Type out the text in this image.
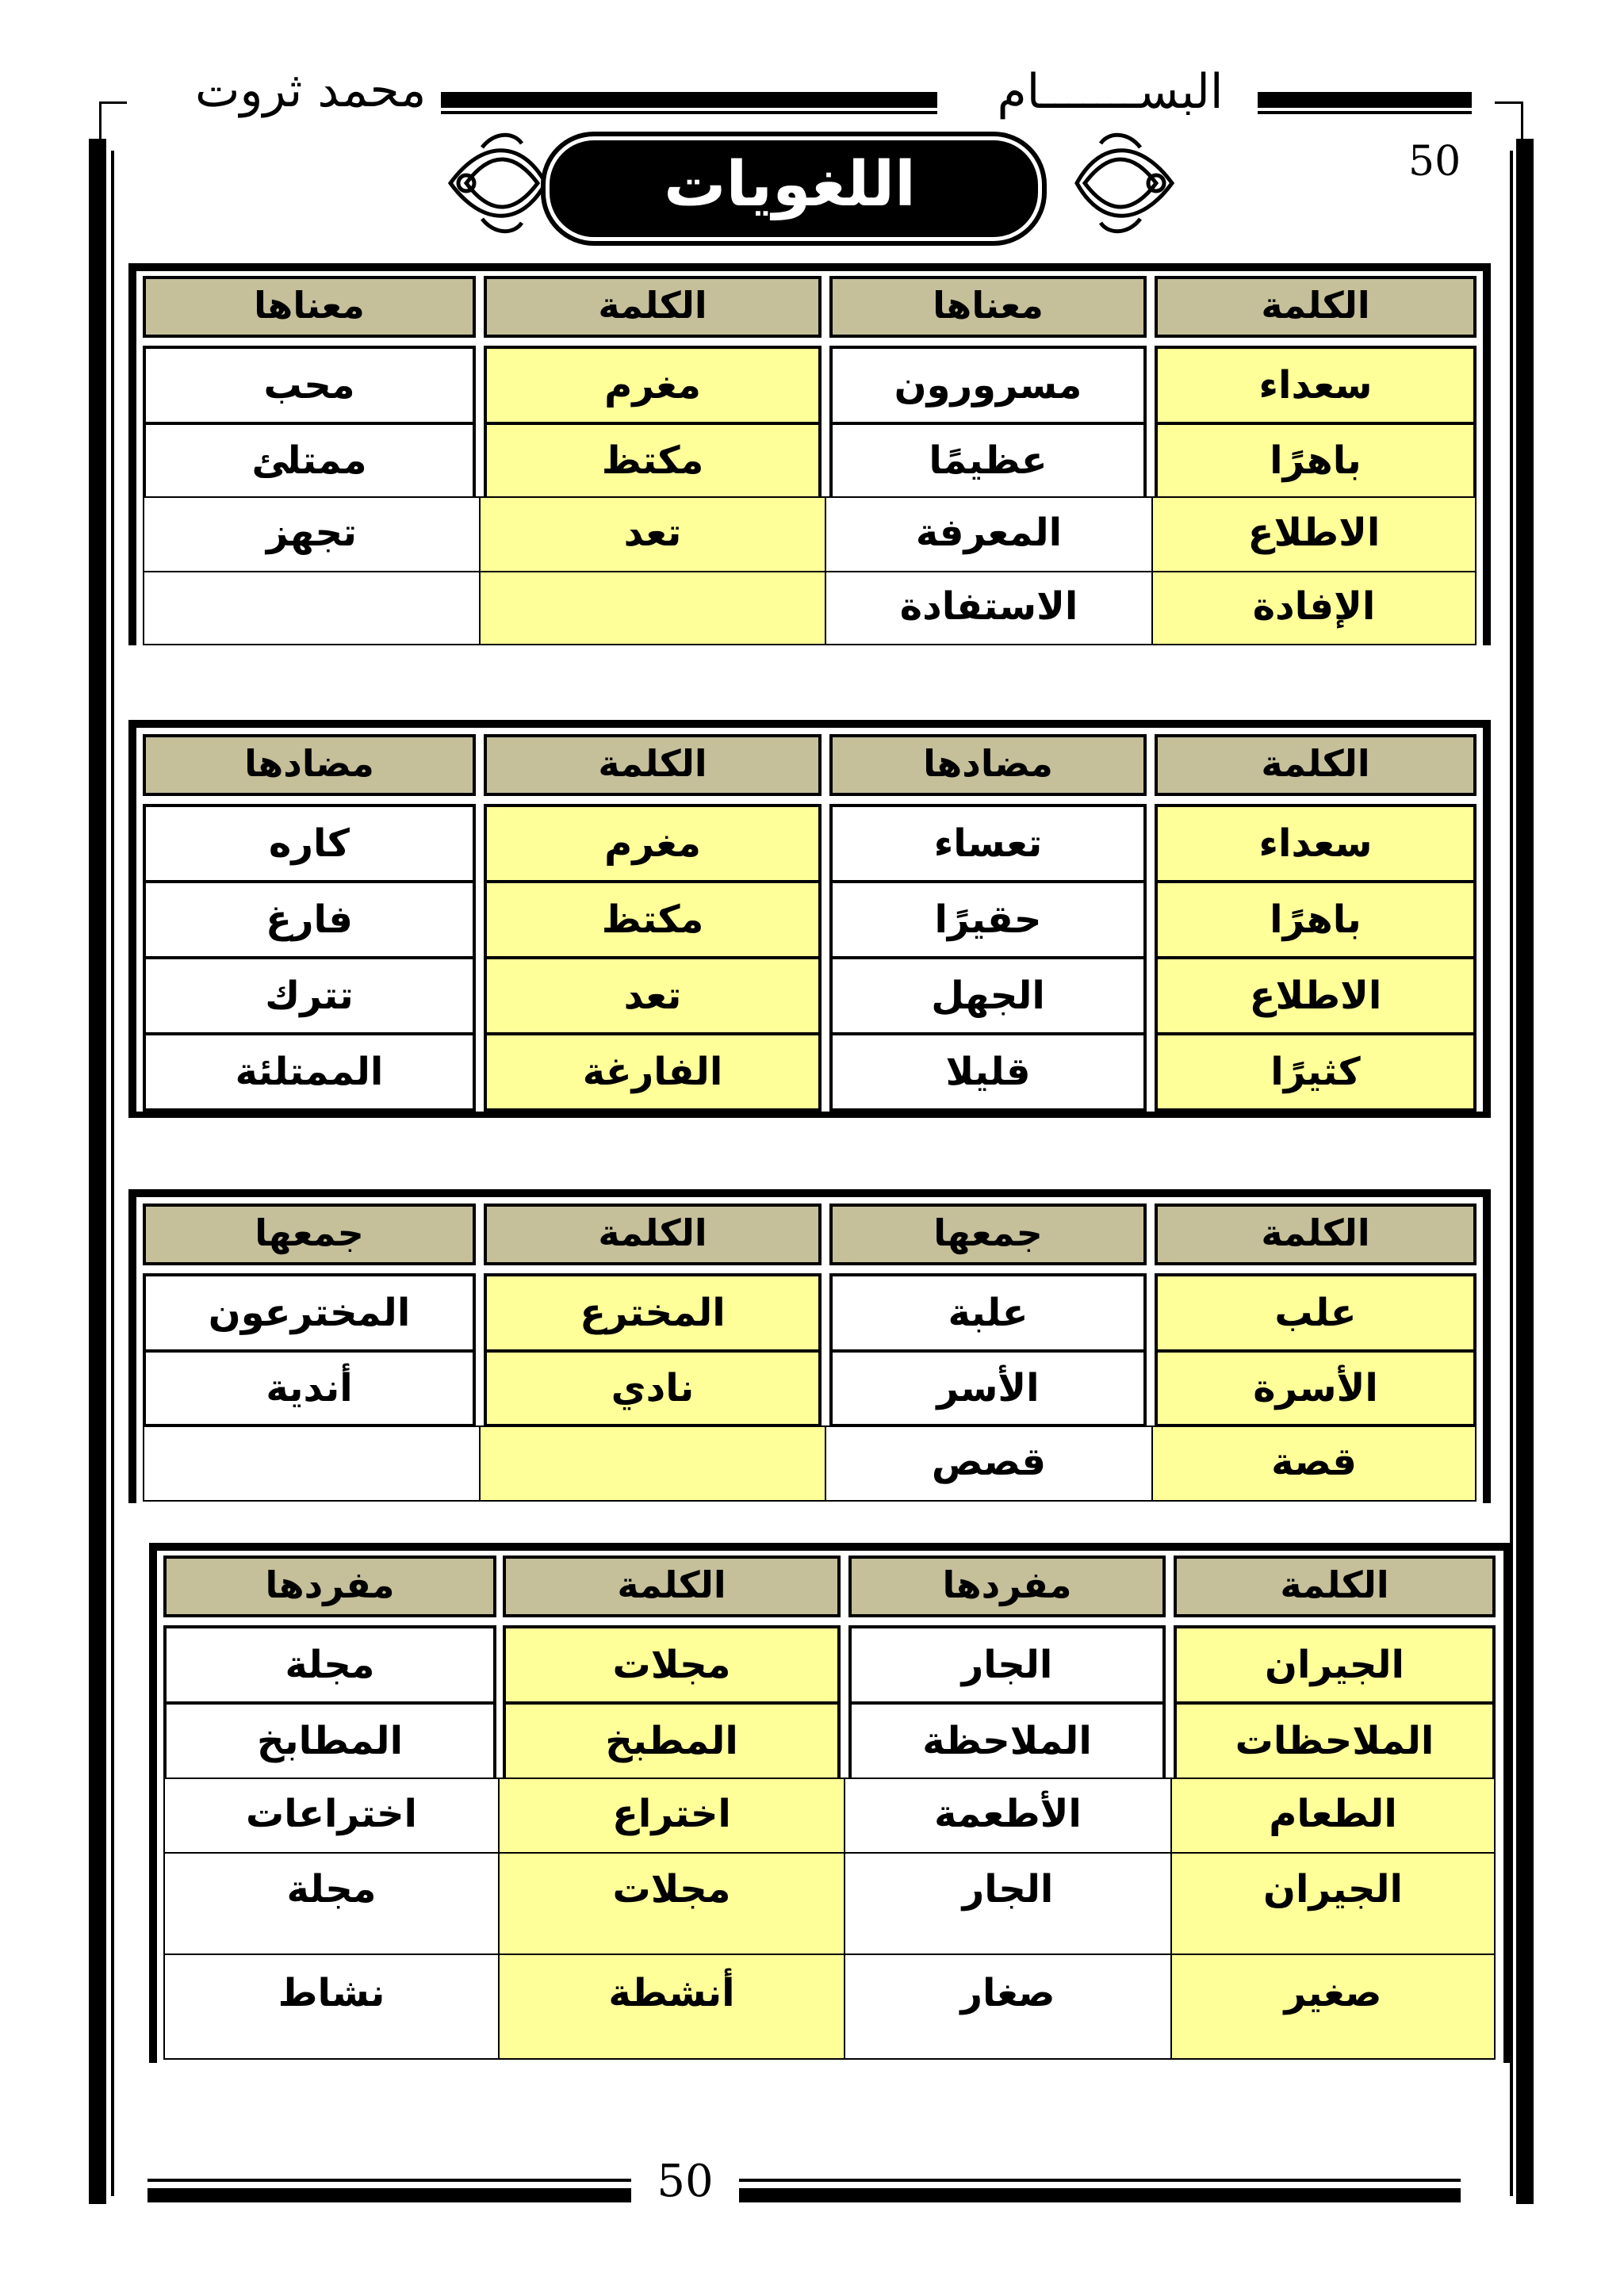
محمد ثروت	البســـــــام
50
اللغويات
الكلمة
معناها
الكلمة
معناها
سعداء
مسرورون
مغرم
محب
باهرًا
عظيمًا
مكتظ
ممتلئ
الاطلاع
المعرفة
تعد
تجهز
الإفادة
الاستفادة
الكلمة
مضادها
الكلمة
مضادها
سعداء
تعساء
مغرم
كاره
باهرًا
حقيرًا
مكتظ
فارغ
الاطلاع
الجهل
تعد
تترك
كثيرًا
قليلا
الفارغة
الممتلئة
الكلمة
جمعها
الكلمة
جمعها
علب
علبة
المخترع
المخترعون
الأسرة
الأسر
نادي
أندية
قصة
قصص
الكلمة
مفردها
الكلمة
مفردها
الجيران
الجار
مجلات
مجلة
الملاحظات
الملاحظة
المطبخ
المطابخ
الطعام
الأطعمة
اختراع
اختراعات
الجيران
الجار
مجلات
مجلة
صغير
صغار
أنشطة
نشاط
50
